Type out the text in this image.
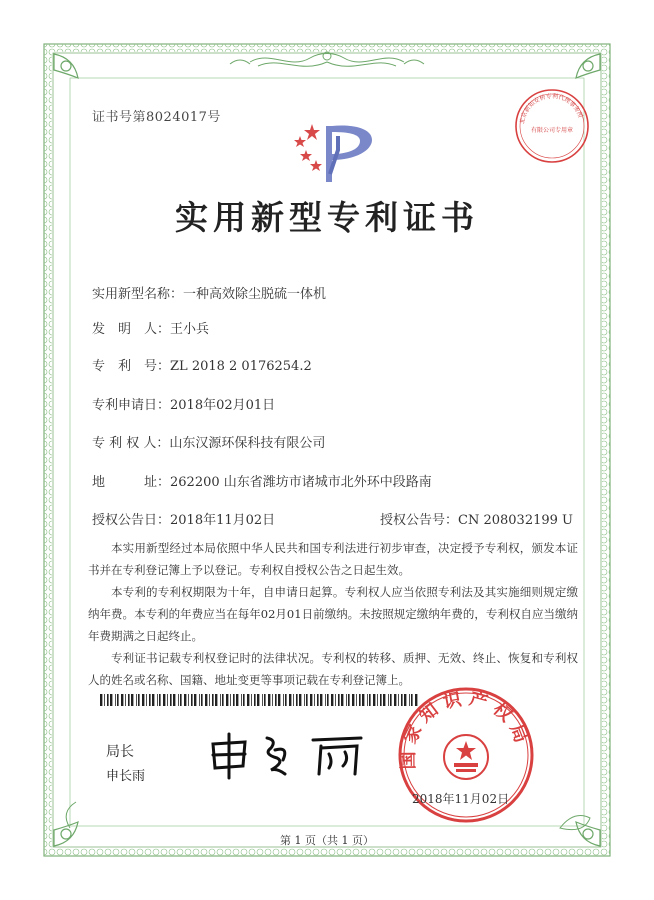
北京新知安桥专利代理事务所
有限公司专用章
证书号第8024017号
实用新型专利证书
实用新型名称：一种高效除尘脱硫一体机
发　明　人：王小兵
专　利　号：ZL 2018 2 0176254.2
专利申请日：2018年02月01日
专 利 权 人：山东汉源环保科技有限公司
地　　　址：262200 山东省潍坊市诸城市北外环中段路南
授权公告日：2018年11月02日	授权公告号：CN 208032199 U

本实用新型经过本局依照中华人民共和国专利法进行初步审查，决定授予专利权，颁发本证书并在专利登记簿上予以登记。专利权自授权公告之日起生效。

本专利的专利权期限为十年，自申请日起算。专利权人应当依照专利法及其实施细则规定缴纳年费。本专利的年费应当在每年02月01日前缴纳。未按照规定缴纳年费的，专利权自应当缴纳年费期满之日起终止。

专利证书记载专利权登记时的法律状况。专利权的转移、质押、无效、终止、恢复和专利权人的姓名或名称、国籍、地址变更等事项记载在专利登记簿上。

局长
申长雨
国家知识产权局
2018年11月02日
第 1 页（共 1 页）
